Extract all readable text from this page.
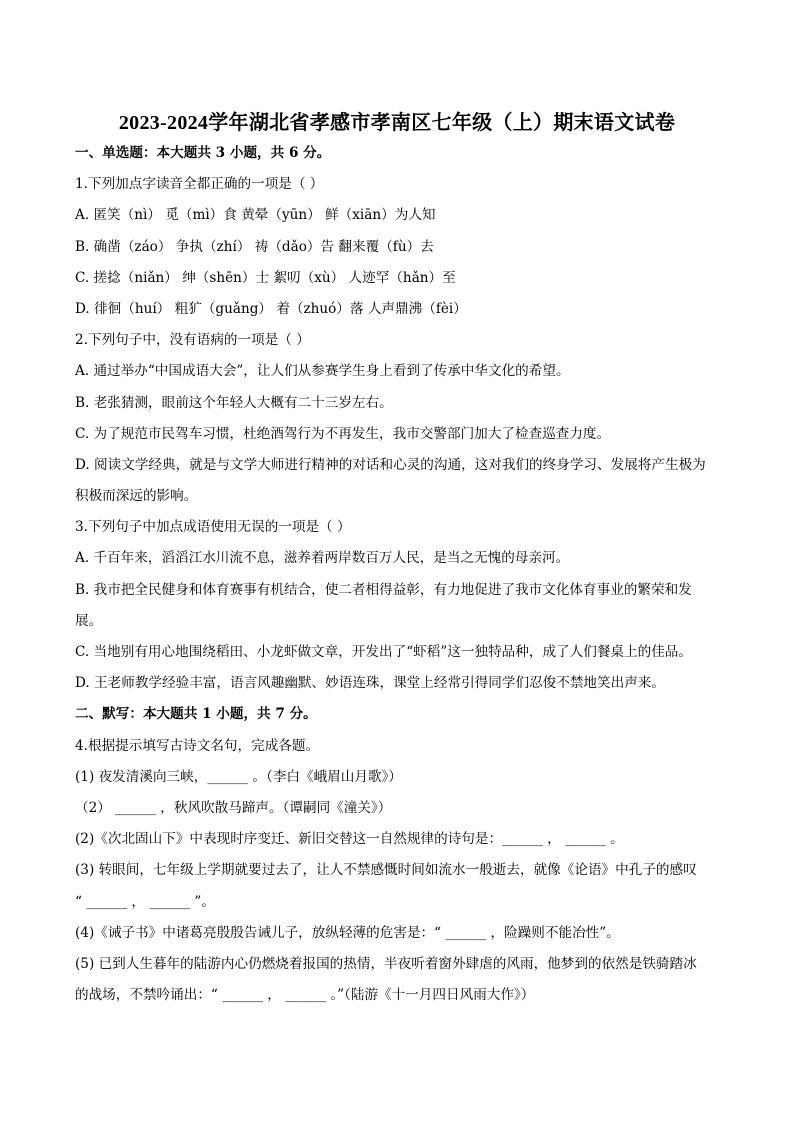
2023-2024学年湖北省孝感市孝南区七年级（上）期末语文试卷
一、单选题：本大题共 3 小题，共 6 分。
1.下列加点字读音全都正确的一项是（ ）
A. 匿笑（nì） 觅（mì）食 黄晕（yūn） 鲜（xiān）为人知
B. 确凿（záo） 争执（zhí） 祷（dǎo）告 翻来覆（fù）去
C. 搓捻（niǎn） 绅（shēn）士 絮叨（xù） 人迹罕（hǎn）至
D. 徘徊（huí） 粗犷（guǎng） 着（zhuó）落 人声鼎沸（fèi）
2.下列句子中，没有语病的一项是（ ）
A. 通过举办“中国成语大会”，让人们从参赛学生身上看到了传承中华文化的希望。
B. 老张猜测，眼前这个年轻人大概有二十三岁左右。
C. 为了规范市民驾车习惯，杜绝酒驾行为不再发生，我市交警部门加大了检查巡查力度。
D. 阅读文学经典，就是与文学大师进行精神的对话和心灵的沟通，这对我们的终身学习、发展将产生极为
积极而深远的影响。
3.下列句子中加点成语使用无误的一项是（ ）
A. 千百年来，滔滔江水川流不息，滋养着两岸数百万人民，是当之无愧的母亲河。
B. 我市把全民健身和体育赛事有机结合，使二者相得益彰，有力地促进了我市文化体育事业的繁荣和发
展。
C. 当地别有用心地围绕稻田、小龙虾做文章，开发出了“虾稻”这一独特品种，成了人们餐桌上的佳品。
D. 王老师教学经验丰富，语言风趣幽默、妙语连珠，课堂上经常引得同学们忍俊不禁地笑出声来。
二、默写：本大题共 1 小题，共 7 分。
4.根据提示填写古诗文名句，完成各题。
(1) 夜发清溪向三峡，______ 。（李白《峨眉山月歌》）
（2） ______ ，秋风吹散马蹄声。（谭嗣同《潼关》）
(2)《次北固山下》中表现时序变迁、新旧交替这一自然规律的诗句是：______ ， ______ 。
(3) 转眼间，七年级上学期就要过去了，让人不禁感慨时间如流水一般逝去，就像《论语》中孔子的感叹
“ ______ ， ______ ”。
(4)《诫子书》中诸葛亮殷殷告诫儿子，放纵轻薄的危害是：“ ______ ，险躁则不能冶性”。
(5) 已到人生暮年的陆游内心仍燃烧着报国的热情，半夜听着窗外肆虐的风雨，他梦到的依然是铁骑踏冰
的战场，不禁吟诵出：“ ______ ， ______ 。”（陆游《十一月四日风雨大作》）
